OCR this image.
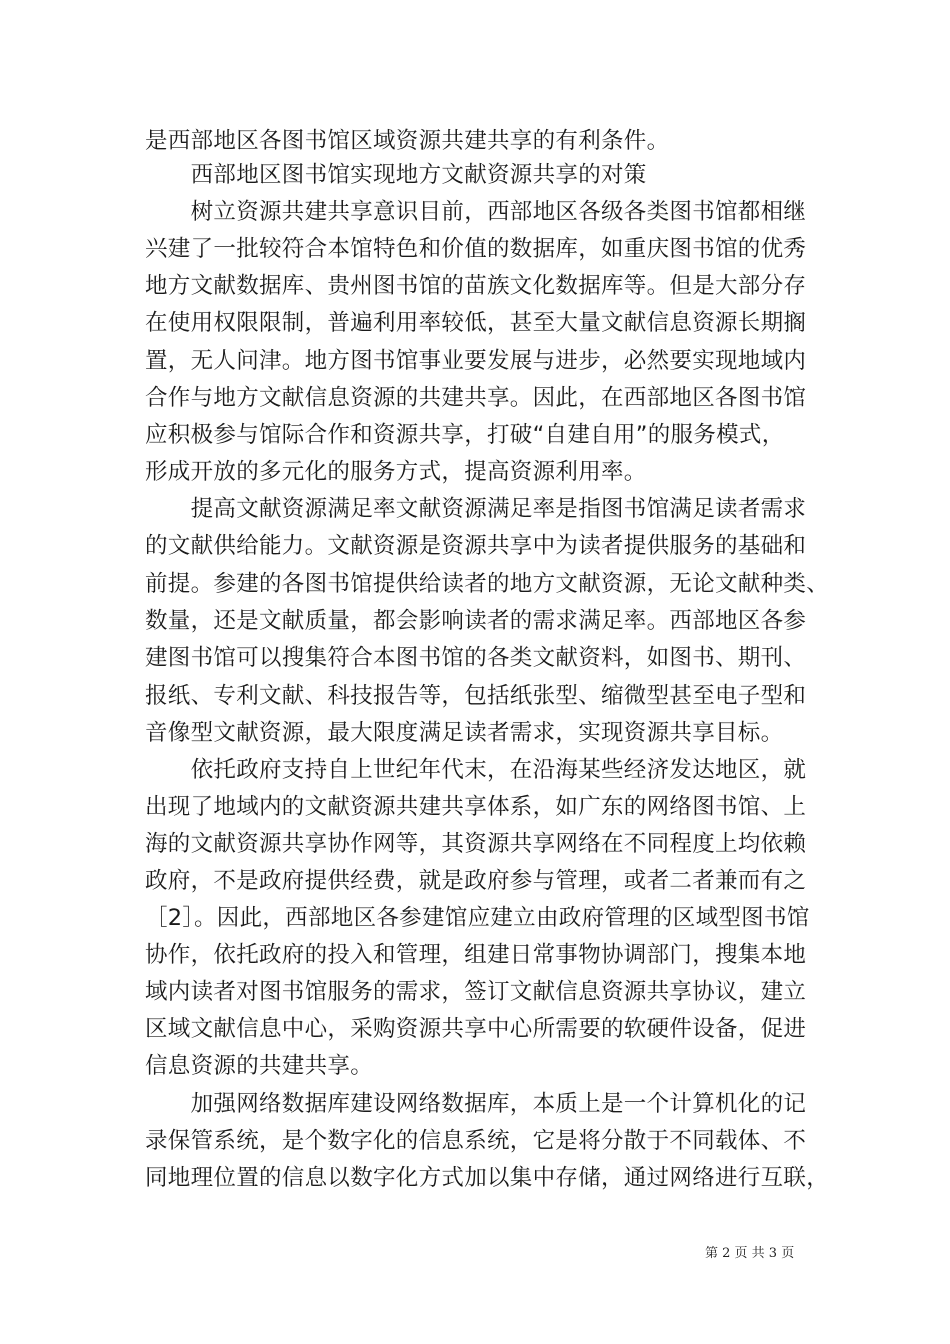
是西部地区各图书馆区域资源共建共享的有利条件。
　　西部地区图书馆实现地方文献资源共享的对策
　　树立资源共建共享意识目前，西部地区各级各类图书馆都相继
兴建了一批较符合本馆特色和价值的数据库，如重庆图书馆的优秀
地方文献数据库、贵州图书馆的苗族文化数据库等。但是大部分存
在使用权限限制，普遍利用率较低，甚至大量文献信息资源长期搁
置，无人问津。地方图书馆事业要发展与进步，必然要实现地域内
合作与地方文献信息资源的共建共享。因此，在西部地区各图书馆
应积极参与馆际合作和资源共享，打破“自建自用”的服务模式，
形成开放的多元化的服务方式，提高资源利用率。
　　提高文献资源满足率文献资源满足率是指图书馆满足读者需求
的文献供给能力。文献资源是资源共享中为读者提供服务的基础和
前提。参建的各图书馆提供给读者的地方文献资源，无论文献种类、
数量，还是文献质量，都会影响读者的需求满足率。西部地区各参
建图书馆可以搜集符合本图书馆的各类文献资料，如图书、期刊、
报纸、专利文献、科技报告等，包括纸张型、缩微型甚至电子型和
音像型文献资源，最大限度满足读者需求，实现资源共享目标。
　　依托政府支持自上世纪年代末，在沿海某些经济发达地区，就
出现了地域内的文献资源共建共享体系，如广东的网络图书馆、上
海的文献资源共享协作网等，其资源共享网络在不同程度上均依赖
政府，不是政府提供经费，就是政府参与管理，或者二者兼而有之
［2］。因此，西部地区各参建馆应建立由政府管理的区域型图书馆
协作，依托政府的投入和管理，组建日常事物协调部门，搜集本地
域内读者对图书馆服务的需求，签订文献信息资源共享协议，建立
区域文献信息中心，采购资源共享中心所需要的软硬件设备，促进
信息资源的共建共享。
　　加强网络数据库建设网络数据库，本质上是一个计算机化的记
录保管系统，是个数字化的信息系统，它是将分散于不同载体、不
同地理位置的信息以数字化方式加以集中存储，通过网络进行互联，
第 2 页 共 3 页
